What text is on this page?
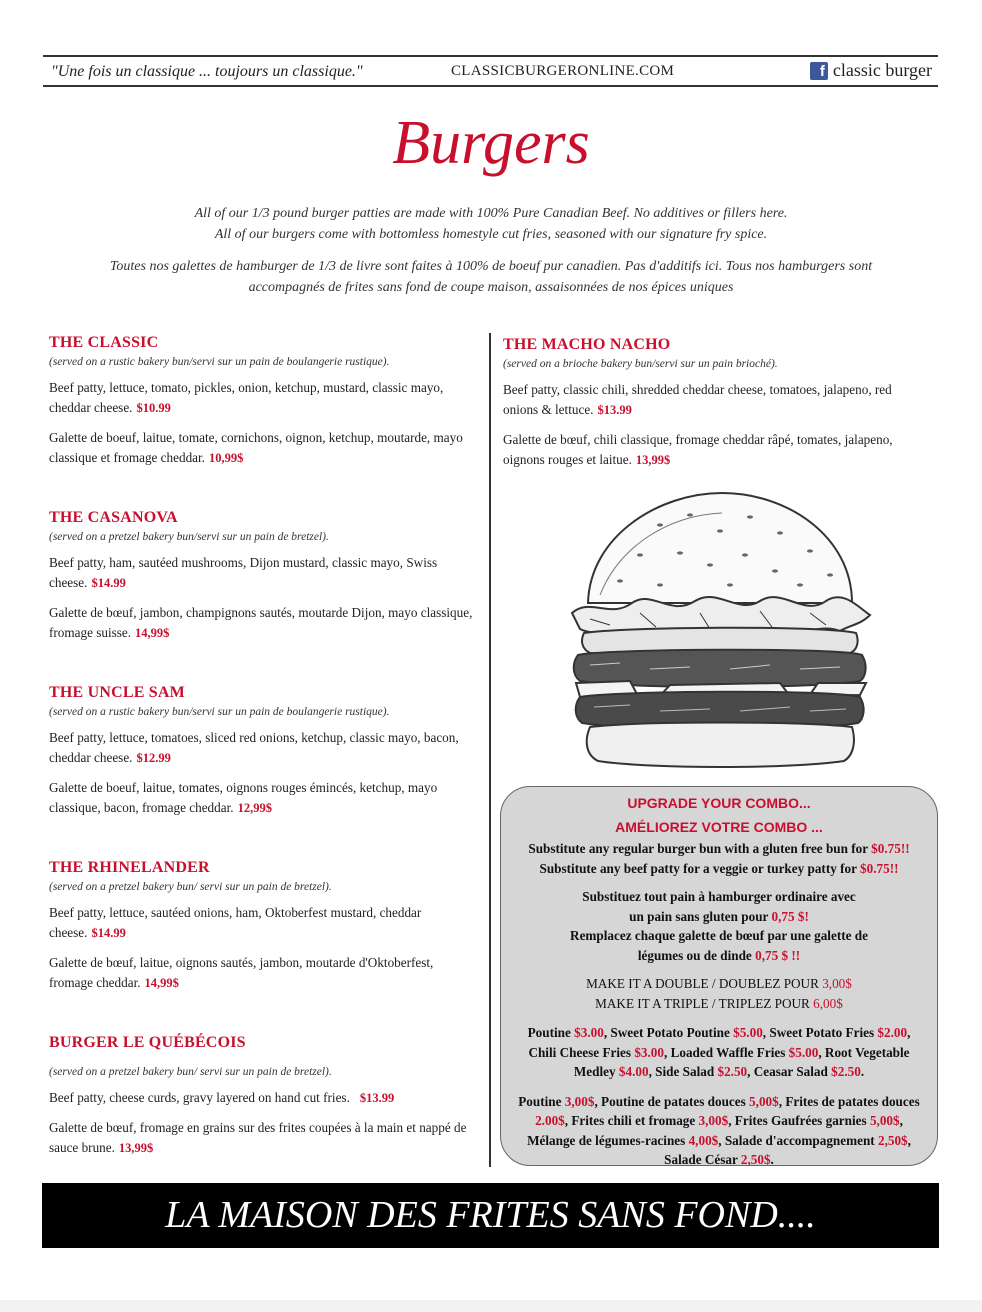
"Une fois un classique ... toujours un classique."	CLASSICBURGERONLINE.COM	f classic burger
Burgers
All of our 1/3 pound burger patties are made with 100% Pure Canadian Beef. No additives or fillers here.
All of our burgers come with bottomless homestyle cut fries, seasoned with our signature fry spice.
Toutes nos galettes de hamburger de 1/3 de livre sont faites à 100% de boeuf pur canadien. Pas d'additifs ici. Tous nos hamburgers sont
accompagnés de frites sans fond de coupe maison, assaisonnées de nos épices uniques
THE CLASSIC
(served on a rustic bakery bun/servi sur un pain de boulangerie rustique).
Beef patty, lettuce, tomato, pickles, onion, ketchup, mustard, classic mayo, cheddar cheese. $10.99
Galette de boeuf, laitue, tomate, cornichons, oignon, ketchup, moutarde, mayo classique et fromage cheddar. 10,99$
THE CASANOVA
(served on a pretzel bakery bun/servi sur un pain de bretzel).
Beef patty, ham, sautéed mushrooms, Dijon mustard, classic mayo, Swiss cheese. $14.99
Galette de bœuf, jambon, champignons sautés, moutarde Dijon, mayo classique, fromage suisse. 14,99$
THE UNCLE SAM
(served on a rustic bakery bun/servi sur un pain de boulangerie rustique).
Beef patty, lettuce, tomatoes, sliced red onions, ketchup, classic mayo, bacon, cheddar cheese. $12.99
Galette de boeuf, laitue, tomates, oignons rouges émincés, ketchup, mayo classique, bacon, fromage cheddar. 12,99$
THE RHINELANDER
(served on a pretzel bakery bun/ servi sur un pain de bretzel).
Beef patty, lettuce, sautéed onions, ham, Oktoberfest mustard, cheddar cheese. $14.99
Galette de bœuf, laitue, oignons sautés, jambon, moutarde d'Oktoberfest, fromage cheddar. 14,99$
BURGER LE QUÉBÉCOIS
(served on a pretzel bakery bun/ servi sur un pain de bretzel).
Beef patty, cheese curds, gravy layered on hand cut fries. $13.99
Galette de bœuf, fromage en grains sur des frites coupées à la main et nappé de sauce brune. 13,99$
THE MACHO NACHO
(served on a brioche bakery bun/servi sur un pain brioché).
Beef patty, classic chili, shredded cheddar cheese, tomatoes, jalapeno, red onions & lettuce. $13.99
Galette de bœuf, chili classique, fromage cheddar râpé, tomates, jalapeno, oignons rouges et laitue. 13,99$
UPGRADE YOUR COMBO...
AMÉLIOREZ VOTRE COMBO ...
Substitute any regular burger bun with a gluten free bun for $0.75!!
Substitute any beef patty for a veggie or turkey patty for $0.75!!
Substituez tout pain à hamburger ordinaire avec
un pain sans gluten pour 0,75 $!
Remplacez chaque galette de bœuf par une galette de
légumes ou de dinde 0,75 $ !!
MAKE IT A DOUBLE / DOUBLEZ POUR 3,00$
MAKE IT A TRIPLE / TRIPLEZ POUR 6,00$
Poutine $3.00, Sweet Potato Poutine $5.00, Sweet Potato Fries $2.00, Chili Cheese Fries $3.00, Loaded Waffle Fries $5.00, Root Vegetable Medley $4.00, Side Salad $2.50, Ceasar Salad $2.50.
Poutine 3,00$, Poutine de patates douces 5,00$, Frites de patates douces 2.00$, Frites chili et fromage 3,00$, Frites Gaufrées garnies 5,00$, Mélange de légumes-racines 4,00$, Salade d'accompagnement 2,50$, Salade César 2,50$.
LA MAISON DES FRITES SANS FOND....
